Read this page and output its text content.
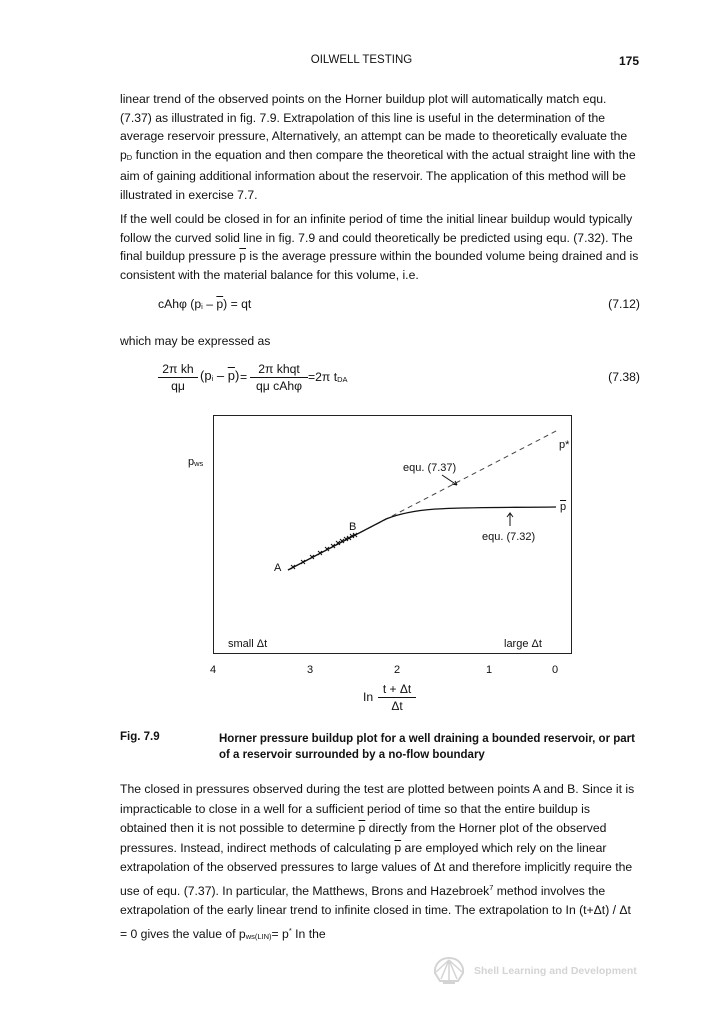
OILWELL TESTING	175

linear trend of the observed points on the Horner buildup plot will automatically match equ. (7.37) as illustrated in fig. 7.9. Extrapolation of this line is useful in the determination of the average reservoir pressure, Alternatively, an attempt can be made to theoretically evaluate the $p_D$ function in the equation and then compare the theoretical with the actual straight line with the aim of gaining additional information about the reservoir. The application of this method will be illustrated in exercise 7.7.

If the well could be closed in for an infinite period of time the initial linear buildup would typically follow the curved solid line in fig. 7.9 and could theoretically be predicted using equ. (7.32). The final buildup pressure $\overline{p}$ is the average pressure within the bounded volume being drained and is consistent with the material balance for this volume, i.e.

cAhφ $(p_i - \overline{p})$ = qt	(7.12)
which may be expressed as
$\frac{\text{2π kh}}{q\mu} (p_i - \overline{p})$ =
2π khqt
qμ cAhφ
=2π $t_{DA}$	(7.38)
p*
equ. (7.37)
$\overline{p}$
B
equ. (7.32)
A
small Δt	large Δt
$p_{ws}$
4	3	2	1	0
In $\frac{t + \Delta t}{\Delta t}$
Fig. 7.9	Horner pressure buildup plot for a well draining a bounded reservoir, or part of a reservoir surrounded by a no-flow boundary

The closed in pressures observed during the test are plotted between points A and B. Since it is impracticable to close in a well for a sufficient period of time so that the entire buildup is obtained then it is not possible to determine $\overline{p}$ directly from the Horner plot of the observed pressures. Instead, indirect methods of calculating $\overline{p}$ are employed which rely on the linear extrapolation of the observed pressures to large values of Δt and therefore implicitly require the use of equ. (7.37). In particular, the Matthews, Brons and Hazebroek$^7$ method involves the extrapolation of the early linear trend to infinite closed in time. The extrapolation to In (t+Δt) / Δt = 0 gives the value of $p_{ws(LIN)}= p^*$ In the

Shell Learning and Development
